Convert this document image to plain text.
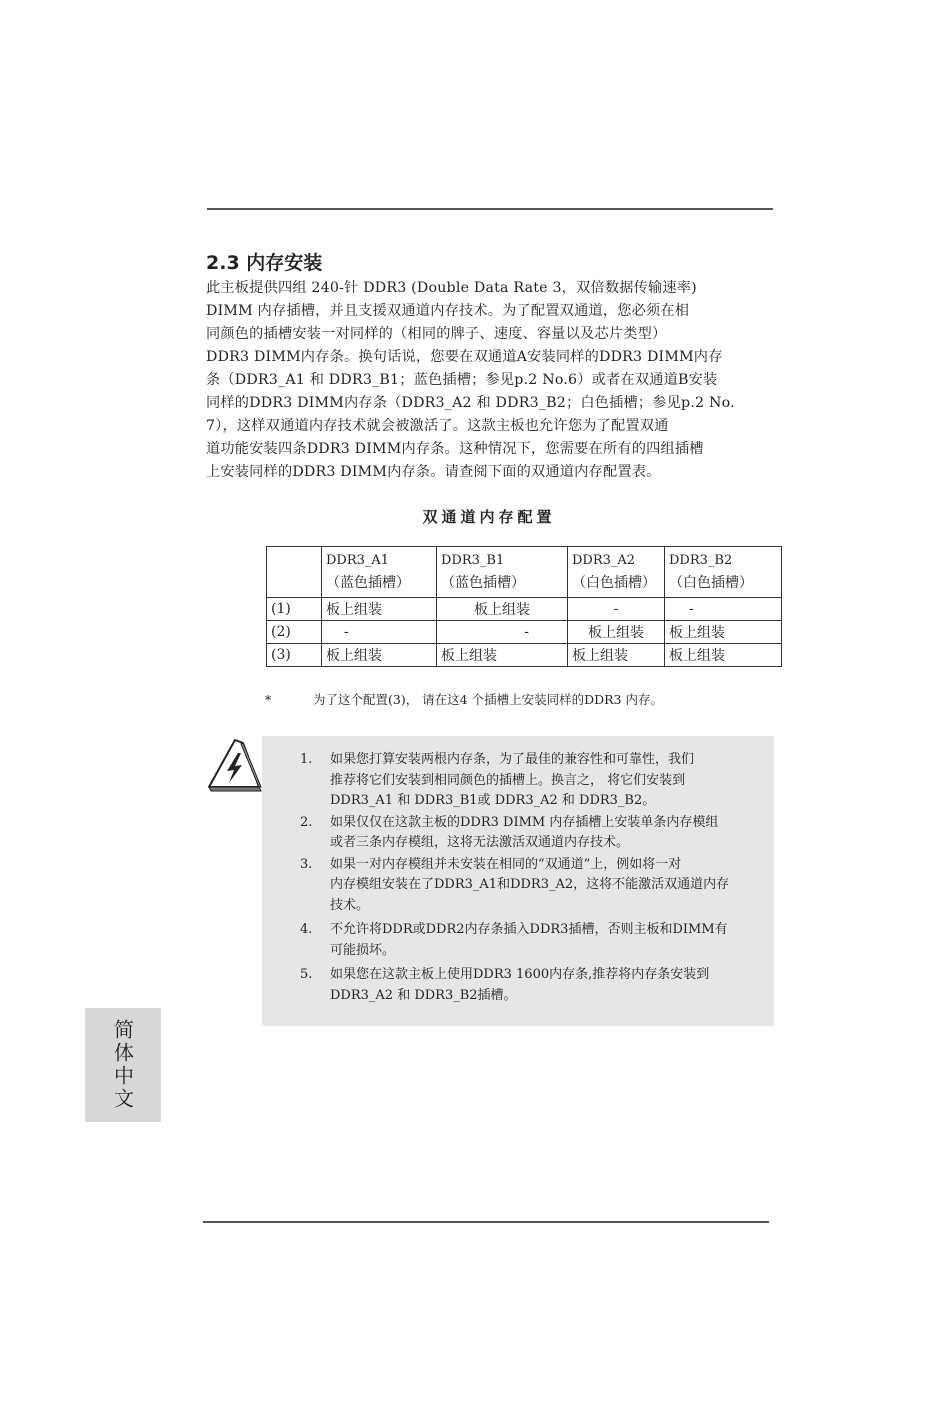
2.3 内存安装

此主板提供四组 240-针 DDR3 (Double Data Rate 3，双倍数据传输速率)

DIMM 内存插槽，并且支援双通道内存技术。为了配置双通道，您必须在相

同颜色的插槽安装一对同样的（相同的牌子、速度、容量以及芯片类型）

DDR3 DIMM内存条。换句话说，您要在双通道A安装同样的DDR3 DIMM内存

条（DDR3_A1 和 DDR3_B1；蓝色插槽；参见p.2 No.6）或者在双通道B安装

同样的DDR3 DIMM内存条（DDR3_A2 和 DDR3_B2；白色插槽；参见p.2 No.

7），这样双通道内存技术就会被激活了。这款主板也允许您为了配置双通

道功能安装四条DDR3 DIMM内存条。这种情况下，您需要在所有的四组插槽

上安装同样的DDR3 DIMM内存条。请查阅下面的双通道内存配置表。

双通道内存配置

	DDR3_A1
（蓝色插槽）	DDR3_B1
（蓝色插槽）	DDR3_A2
（白色插槽）	DDR3_B2
（白色插槽）

(1)	板上组装	板上组装	-	-
(2)	-	-	板上组装	板上组装
(3)	板上组装	板上组装	板上组装	板上组装
*	为了这个配置(3)， 请在这4 个插槽上安装同样的DDR3 内存。
1.	如果您打算安装两根内存条，为了最佳的兼容性和可靠性，我们
推荐将它们安装到相同颜色的插槽上。换言之， 将它们安装到
DDR3_A1 和 DDR3_B1或 DDR3_A2 和 DDR3_B2。
2.	如果仅仅在这款主板的DDR3 DIMM 内存插槽上安装单条内存模组
或者三条内存模组，这将无法激活双通道内存技术。
3.	如果一对内存模组并未安装在相同的“双通道”上，例如将一对
内存模组安装在了DDR3_A1和DDR3_A2，这将不能激活双通道内存
技术。
4.	不允许将DDR或DDR2内存条插入DDR3插槽，否则主板和DIMM有
可能损坏。
5.	如果您在这款主板上使用DDR3 1600内存条,推荐将内存条安装到
DDR3_A2 和 DDR3_B2插槽。
简体中文
